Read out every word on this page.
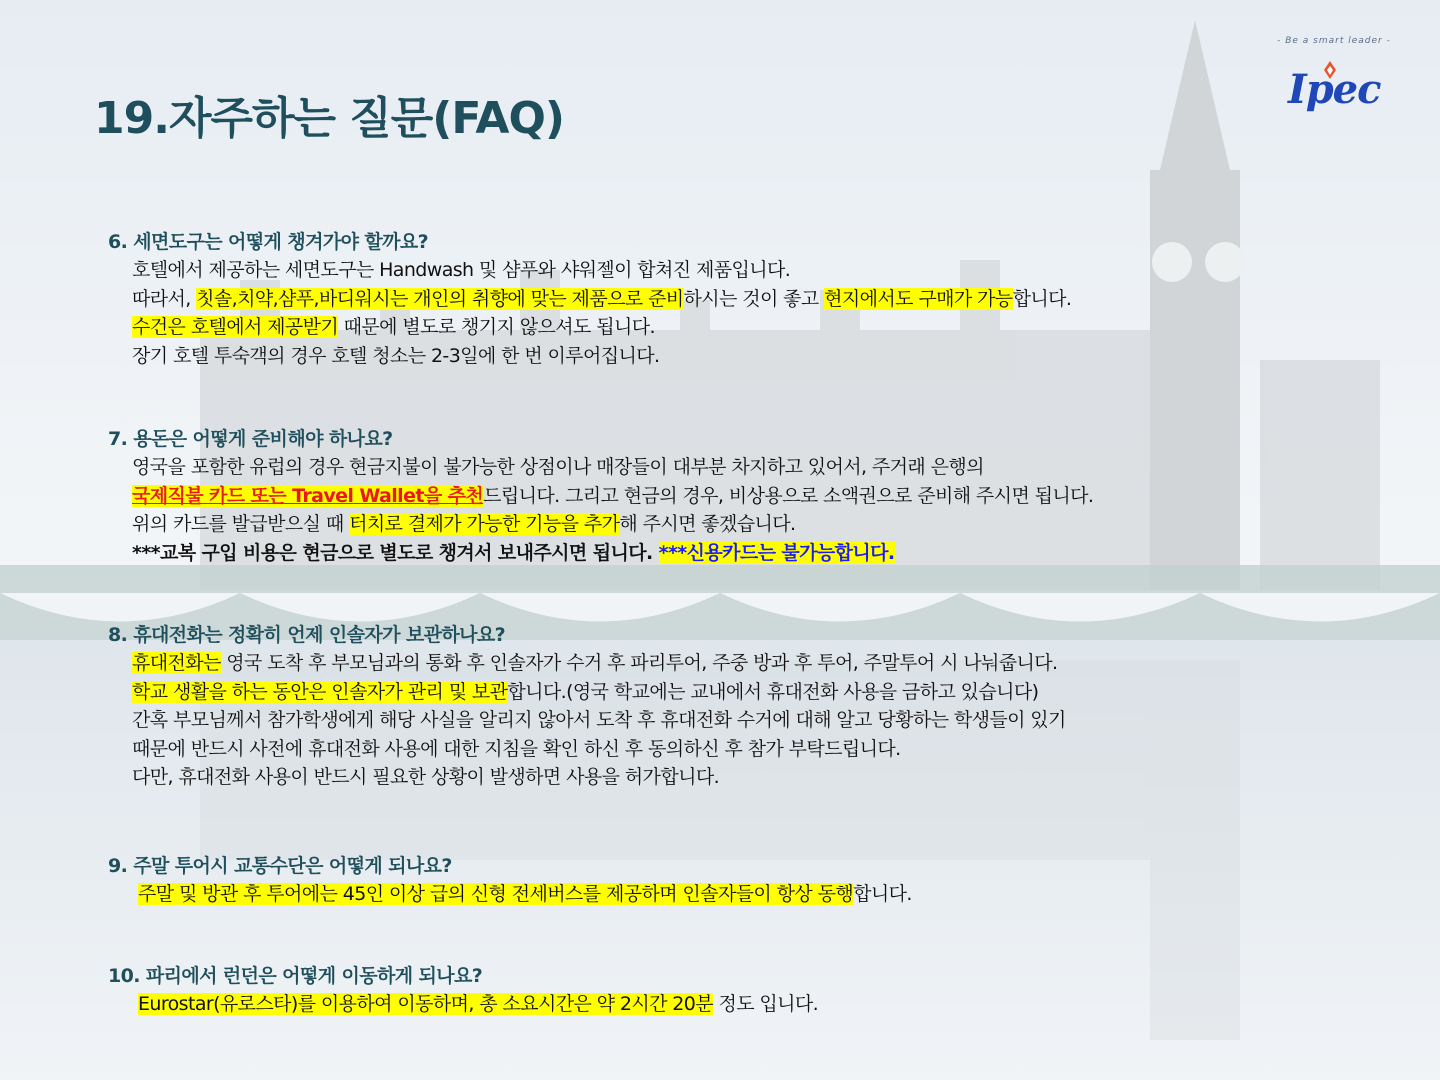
- Be a smart leader -
Ipec
19.자주하는 질문(FAQ)
6. 세면도구는 어떻게 챙겨가야 할까요?
호텔에서 제공하는 세면도구는 Handwash 및 샴푸와 샤워젤이 합쳐진 제품입니다.
따라서, 칫솔,치약,샴푸,바디워시는 개인의 취향에 맞는 제품으로 준비하시는 것이 좋고 현지에서도 구매가 가능합니다.
수건은 호텔에서 제공받기 때문에 별도로 챙기지 않으셔도 됩니다.
장기 호텔 투숙객의 경우 호텔 청소는 2-3일에 한 번 이루어집니다.
7. 용돈은 어떻게 준비해야 하나요?
영국을 포함한 유럽의 경우 현금지불이 불가능한 상점이나 매장들이 대부분 차지하고 있어서, 주거래 은행의
국제직불 카드 또는 Travel Wallet을 추천드립니다. 그리고 현금의 경우, 비상용으로 소액권으로 준비해 주시면 됩니다.
위의 카드를 발급받으실 때 터치로 결제가 가능한 기능을 추가해 주시면 좋겠습니다.
***교복 구입 비용은 현금으로 별도로 챙겨서 보내주시면 됩니다. ***신용카드는 불가능합니다.
8. 휴대전화는 정확히 언제 인솔자가 보관하나요?
휴대전화는 영국 도착 후 부모님과의 통화 후 인솔자가 수거 후 파리투어, 주중 방과 후 투어, 주말투어 시 나눠줍니다.
학교 생활을 하는 동안은 인솔자가 관리 및 보관합니다.(영국 학교에는 교내에서 휴대전화 사용을 금하고 있습니다)
간혹 부모님께서 참가학생에게 해당 사실을 알리지 않아서 도착 후 휴대전화 수거에 대해 알고 당황하는 학생들이 있기
때문에 반드시 사전에 휴대전화 사용에 대한 지침을 확인 하신 후 동의하신 후 참가 부탁드립니다.
다만, 휴대전화 사용이 반드시 필요한 상황이 발생하면 사용을 허가합니다.
9. 주말 투어시 교통수단은 어떻게 되나요?
주말 및 방관 후 투어에는 45인 이상 급의 신형 전세버스를 제공하며 인솔자들이 항상 동행합니다.
10. 파리에서 런던은 어떻게 이동하게 되나요?
Eurostar(유로스타)를 이용하여 이동하며, 총 소요시간은 약 2시간 20분 정도 입니다.
